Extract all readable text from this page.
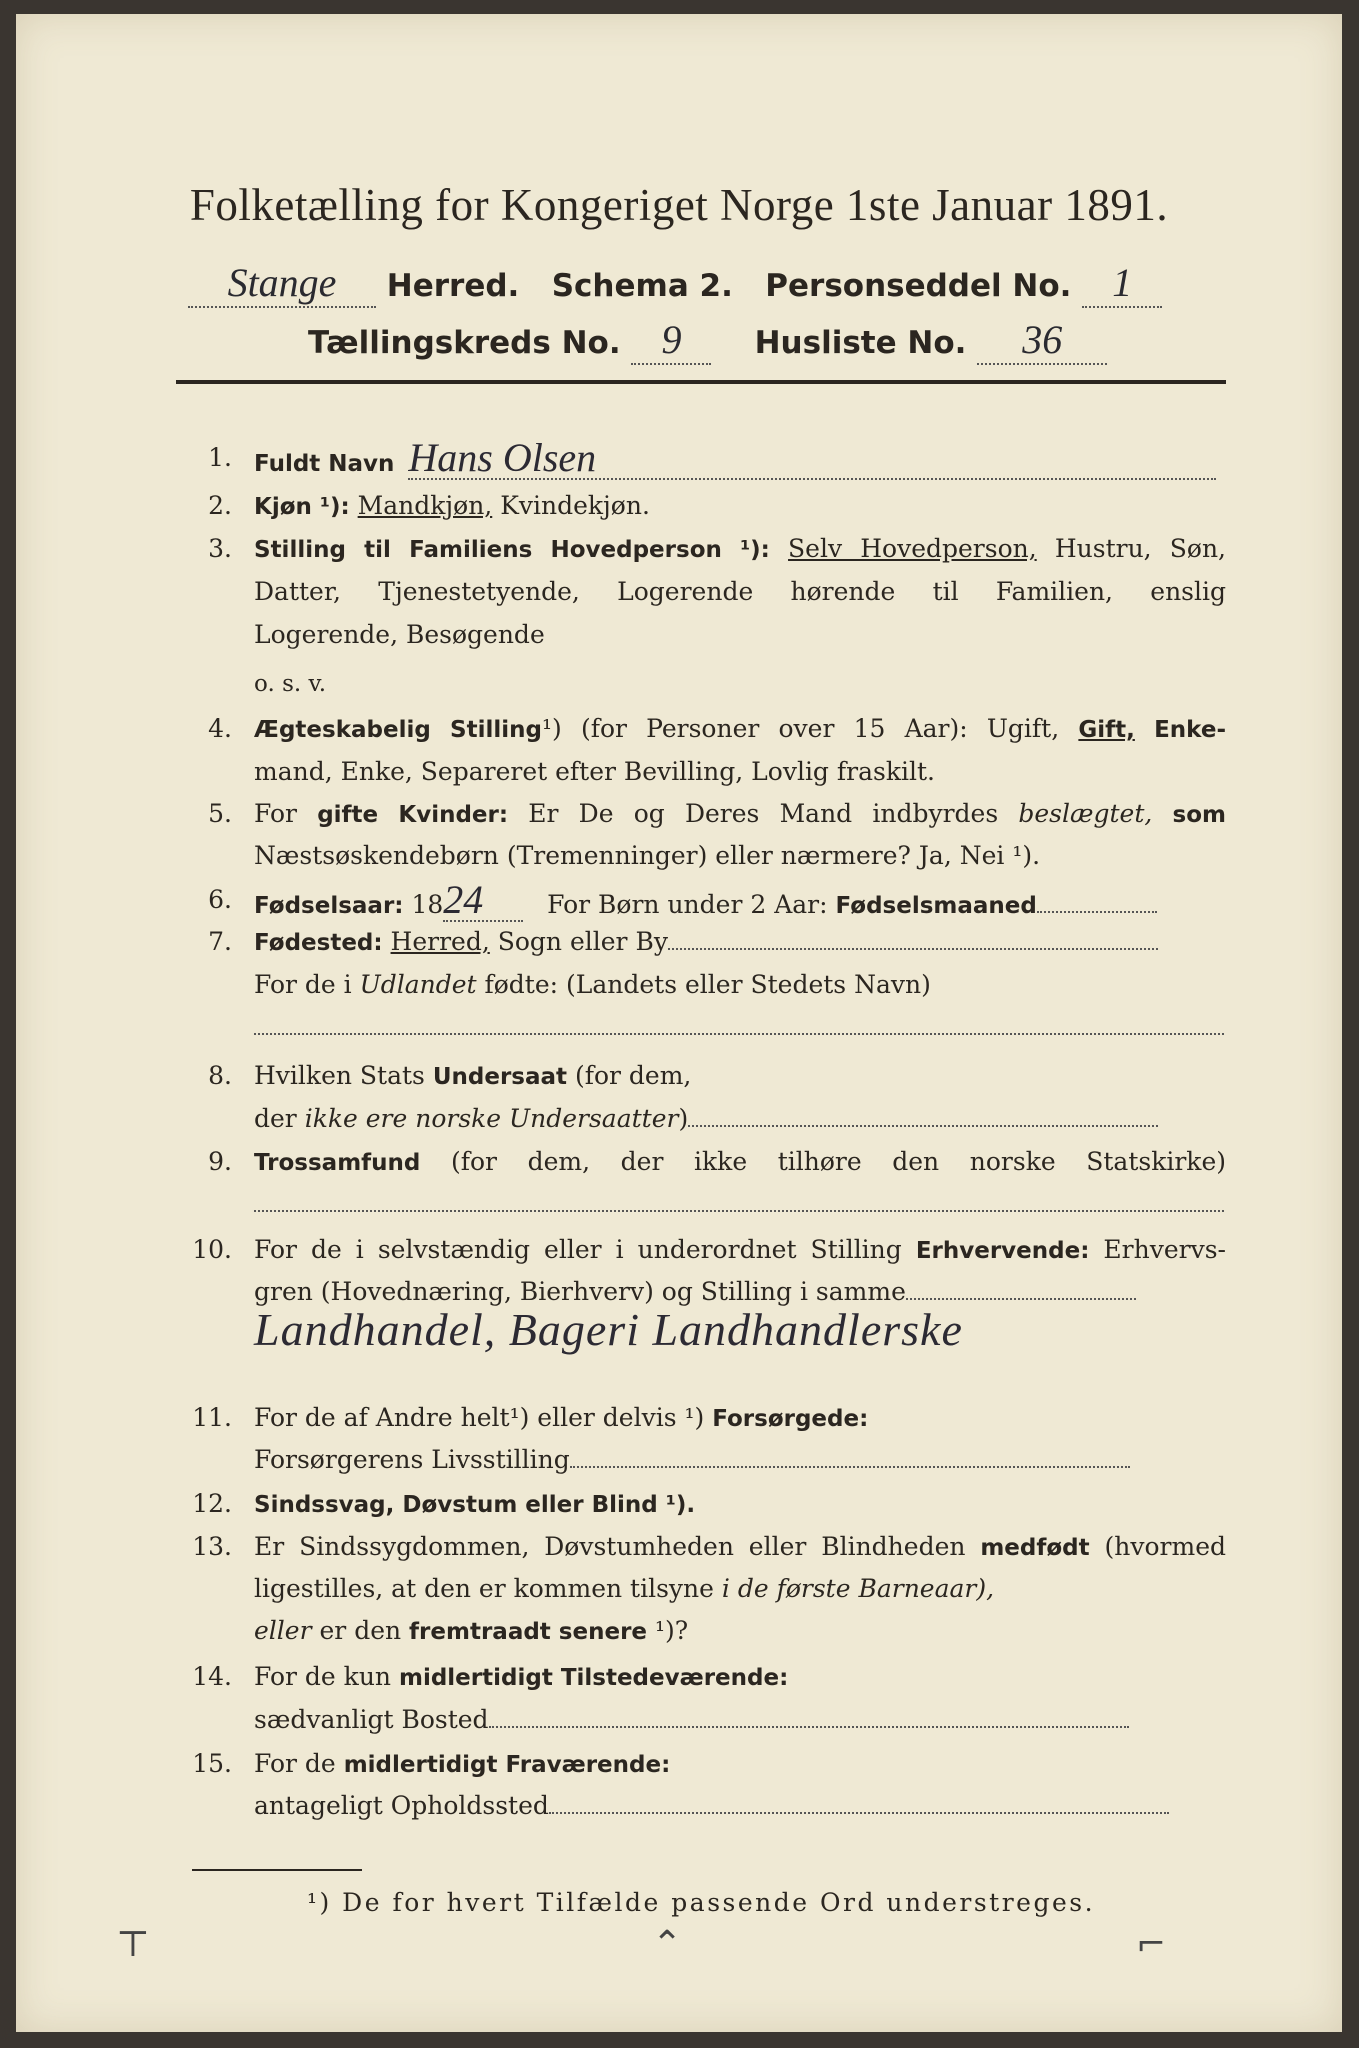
Folketælling for Kongeriget Norge 1ste Januar 1891.
Stange Herred. Schema 2. Personseddel No. 1
Tællingskreds No. 9 Husliste No. 36
1. Fuldt Navn Hans Olsen
2. Kjøn ¹): Mandkjøn, Kvindekjøn.
3. Stilling til Familiens Hovedperson ¹): Selv Hovedperson, Hustru, Søn,
Datter, Tjenestetyende, Logerende hørende til Familien, enslig
Logerende, Besøgende
o. s. v.
4. Ægteskabelig Stilling¹) (for Personer over 15 Aar): Ugift, Gift, Enke-
mand, Enke, Separeret efter Bevilling, Lovlig fraskilt.
5. For gifte Kvinder: Er De og Deres Mand indbyrdes beslægtet, som
Næstsøskendebørn (Tremenninger) eller nærmere? Ja, Nei ¹).
6. Fødselsaar: 1824	For Børn under 2 Aar: Fødselsmaaned
7. Fødested: Herred, Sogn eller By
For de i Udlandet fødte: (Landets eller Stedets Navn)
8. Hvilken Stats Undersaat (for dem,
der ikke ere norske Undersaatter)
9. Trossamfund (for dem, der ikke tilhøre den norske Statskirke)
10. For de i selvstændig eller i underordnet Stilling Erhvervende: Erhvervs-
gren (Hovednæring, Bierhverv) og Stilling i samme
Landhandel, Bageri Landhandlerske
11. For de af Andre helt¹) eller delvis ¹) Forsørgede:
Forsørgerens Livsstilling
12. Sindssvag, Døvstum eller Blind ¹).
13. Er Sindssygdommen, Døvstumheden eller Blindheden medfødt (hvormed
ligestilles, at den er kommen tilsyne i de første Barneaar),
eller er den fremtraadt senere ¹)?
14. For de kun midlertidigt Tilstedeværende:
sædvanligt Bosted
15. For de midlertidigt Fraværende:
antageligt Opholdssted
¹) De for hvert Tilfælde passende Ord understreges.
⊤	⌃	⌐
